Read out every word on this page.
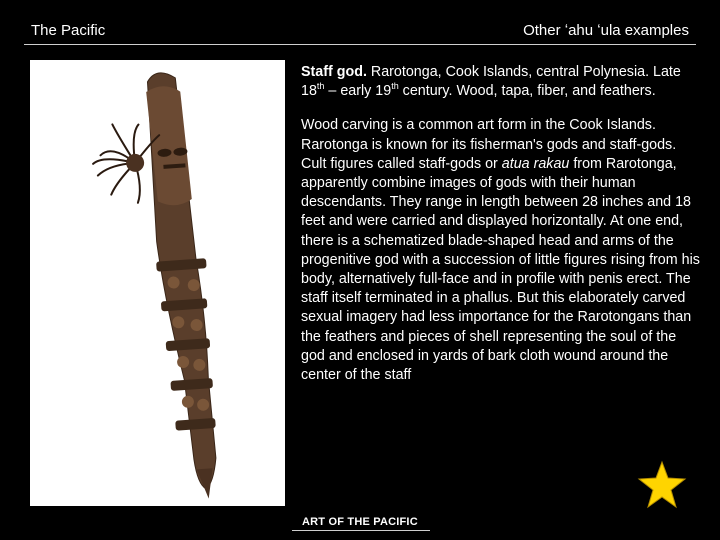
The Pacific	Other ʻahu ʻula examples

Staff god. Rarotonga, Cook Islands, central Polynesia. Late 18th – early 19th century. Wood, tapa, fiber, and feathers.

Wood carving is a common art form in the Cook Islands. Rarotonga is known for its fisherman's gods and staff-gods. Cult figures called staff-gods or atua rakau from Rarotonga, apparently combine images of gods with their human descendants. They range in length between 28 inches and 18 feet and were carried and displayed horizontally. At one end, there is a schematized blade-shaped head and arms of the progenitive god with a succession of little figures rising from his body, alternatively full-face and in profile with penis erect. The staff itself terminated in a phallus. But this elaborately carved sexual imagery had less importance for the Rarotongans than the feathers and pieces of shell representing the soul of the god and enclosed in yards of bark cloth wound around the center of the staff

ART OF THE PACIFIC
